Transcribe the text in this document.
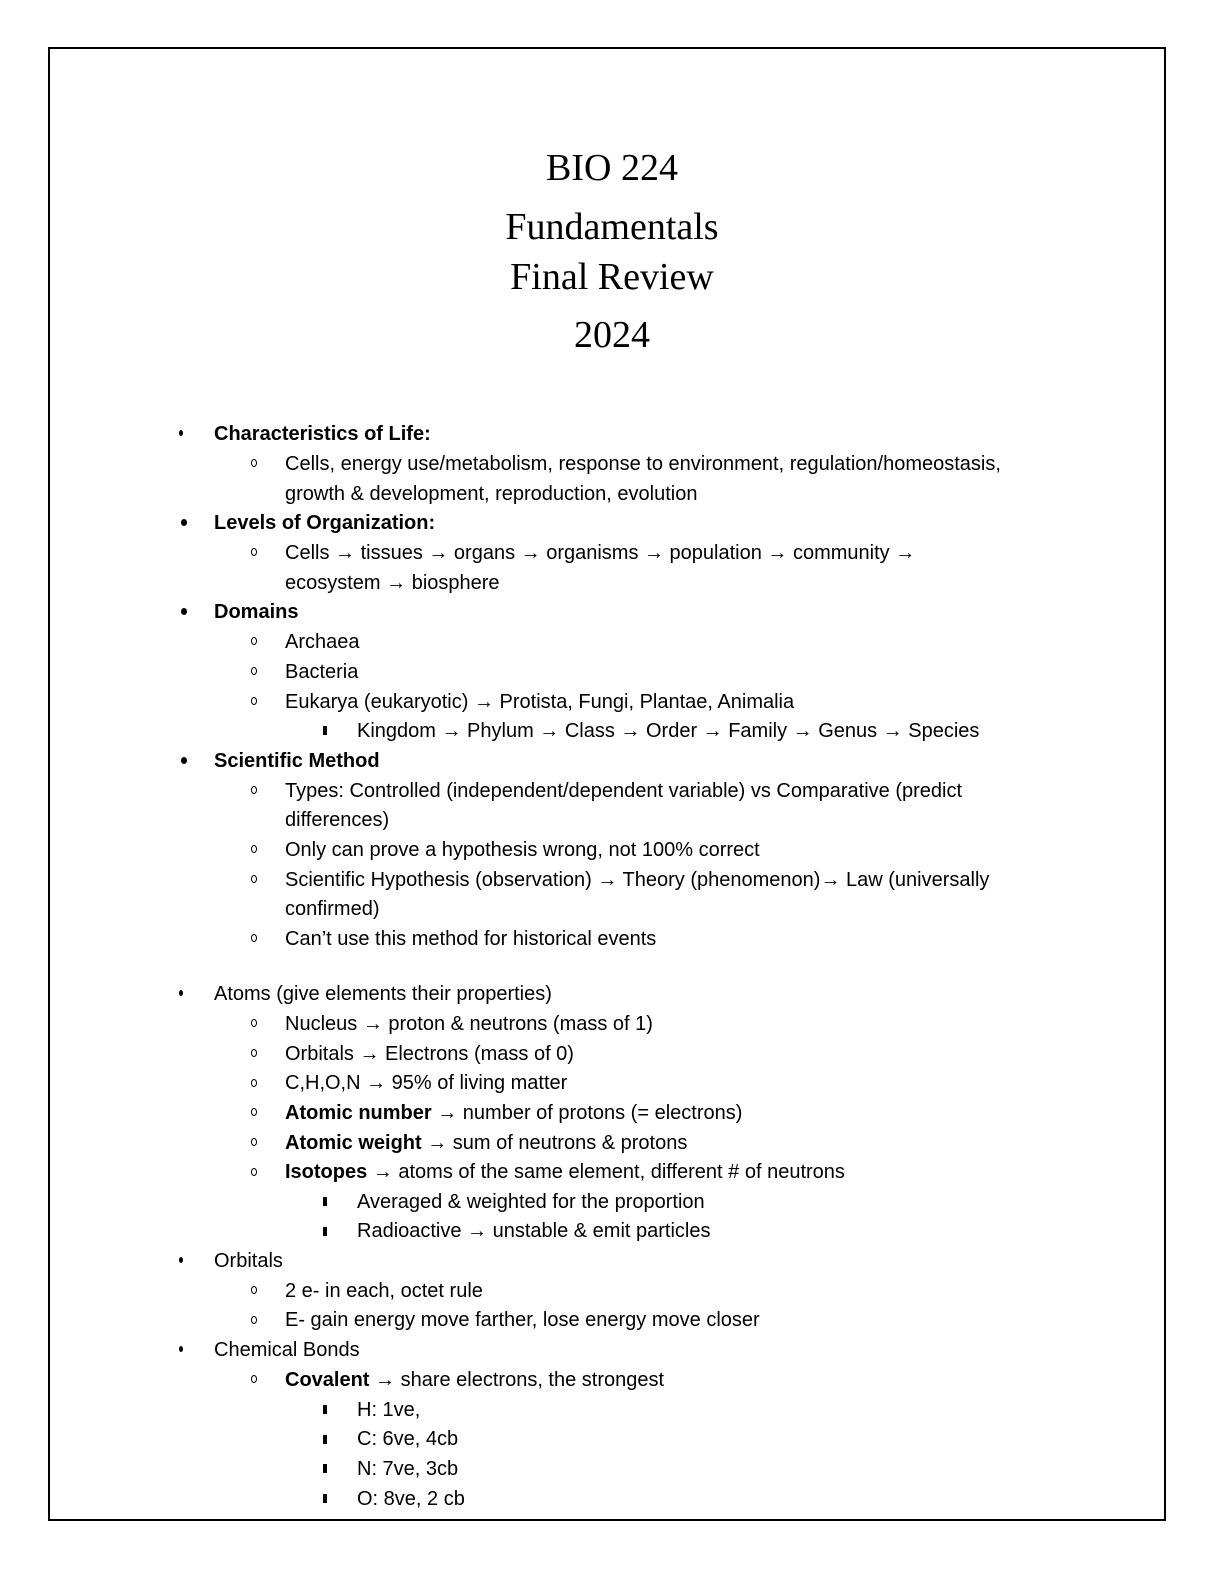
BIO 224
Fundamentals
Final Review
2024
Characteristics of Life:
Cells, energy use/metabolism, response to environment, regulation/homeostasis,
growth & development, reproduction, evolution
Levels of Organization:
Cells → tissues → organs → organisms → population → community →
ecosystem → biosphere
Domains
Archaea
Bacteria
Eukarya (eukaryotic) → Protista, Fungi, Plantae, Animalia
Kingdom → Phylum → Class → Order → Family → Genus → Species
Scientific Method
Types: Controlled (independent/dependent variable) vs Comparative (predict
differences)
Only can prove a hypothesis wrong, not 100% correct
Scientific Hypothesis (observation) → Theory (phenomenon)→ Law (universally
confirmed)
Can’t use this method for historical events
Atoms (give elements their properties)
Nucleus → proton & neutrons (mass of 1)
Orbitals → Electrons (mass of 0)
C,H,O,N → 95% of living matter
Atomic number → number of protons (= electrons)
Atomic weight → sum of neutrons & protons
Isotopes → atoms of the same element, different # of neutrons
Averaged & weighted for the proportion
Radioactive → unstable & emit particles
Orbitals
2 e- in each, octet rule
E- gain energy move farther, lose energy move closer
Chemical Bonds
Covalent → share electrons, the strongest
H: 1ve,
C: 6ve, 4cb
N: 7ve, 3cb
O: 8ve, 2 cb
